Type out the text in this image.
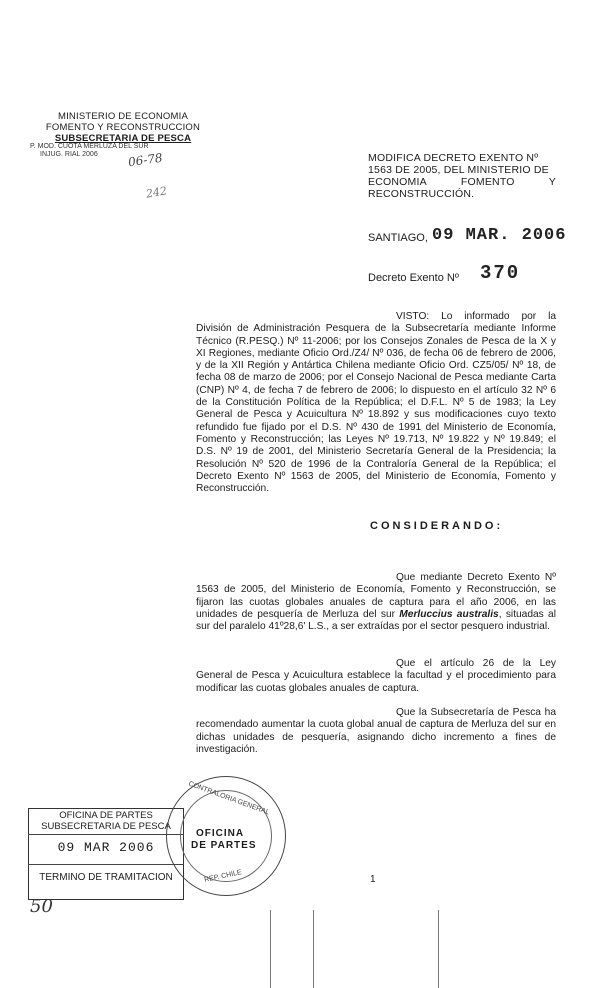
MINISTERIO DE ECONOMIA
FOMENTO Y RECONSTRUCCION
SUBSECRETARIA DE PESCA
P. MOD. CUOTA MERLUZA DEL SUR
INJUG. RIAL 2006	06-78
242
MODIFICA DECRETO EXENTO Nº
1563 DE 2005, DEL MINISTERIO DE
ECONOMIA	FOMENTO	Y
RECONSTRUCCIÓN.
SANTIAGO, 09 MAR. 2006
Decreto Exento Nº 370
VISTO: Lo informado por la División de Administración Pesquera de la Subsecretaría mediante Informe Técnico (R.PESQ.) Nº 11-2006; por los Consejos Zonales de Pesca de la X y XI Regiones, mediante Oficio Ord./Z4/ Nº 036, de fecha 06 de febrero de 2006, y de la XII Región y Antártica Chilena mediante Oficio Ord. CZ5/05/ Nº 18, de fecha 08 de marzo de 2006; por el Consejo Nacional de Pesca mediante Carta (CNP) Nº 4, de fecha 7 de febrero de 2006; lo dispuesto en el artículo 32 Nº 6 de la Constitución Política de la República; el D.F.L. Nº 5 de 1983; la Ley General de Pesca y Acuicultura Nº 18.892 y sus modificaciones cuyo texto refundido fue fijado por el D.S. Nº 430 de 1991 del Ministerio de Economía, Fomento y Reconstrucción; las Leyes Nº 19.713, Nº 19.822 y Nº 19.849; el D.S. Nº 19 de 2001, del Ministerio Secretaría General de la Presidencia; la Resolución Nº 520 de 1996 de la Contraloría General de la República; el Decreto Exento Nº 1563 de 2005, del Ministerio de Economía, Fomento y Reconstrucción.
CONSIDERANDO:
Que mediante Decreto Exento Nº 1563 de 2005, del Ministerio de Economía, Fomento y Reconstrucción, se fijaron las cuotas globales anuales de captura para el año 2006, en las unidades de pesquería de Merluza del sur Merluccius australis, situadas al sur del paralelo 41º28,6' L.S., a ser extraídas por el sector pesquero industrial.
Que el artículo 26 de la Ley General de Pesca y Acuicultura establece la facultad y el procedimiento para modificar las cuotas globales anuales de captura.
Que la Subsecretaría de Pesca ha recomendado aumentar la cuota global anual de captura de Merluza del sur en dichas unidades de pesquería, asignando dicho incremento a fines de investigación.
OFICINA DE PARTES
SUBSECRETARIA DE PESCA
09 MAR 2006
TERMINO DE TRAMITACION
CONTRALORIA GENERAL
OFICINA
DE PARTES
REP. CHILE	1
50
